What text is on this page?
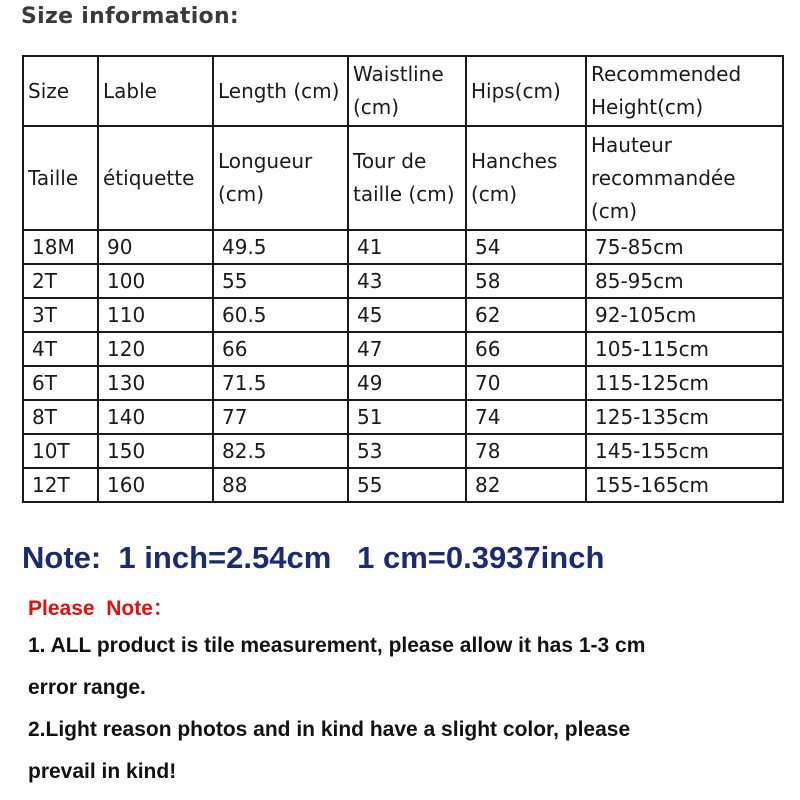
Size information:
Size	Lable	Length (cm)	Waistline (cm)	Hips(cm)	Recommended Height(cm)
Taille	étiquette	Longueur (cm)	Tour de taille (cm)	Hanches (cm)	Hauteur recommandée (cm)
18M	90	49.5	41	54	75-85cm
2T	100	55	43	58	85-95cm
3T	110	60.5	45	62	92-105cm
4T	120	66	47	66	105-115cm
6T	130	71.5	49	70	115-125cm
8T	140	77	51	74	125-135cm
10T	150	82.5	53	78	145-155cm
12T	160	88	55	82	155-165cm
Note:  1 inch=2.54cm   1 cm=0.3937inch
Please  Note：
1. ALL product is tile measurement, please allow it has 1-3 cm
error range.
2.Light reason photos and in kind have a slight color, please
prevail in kind!
